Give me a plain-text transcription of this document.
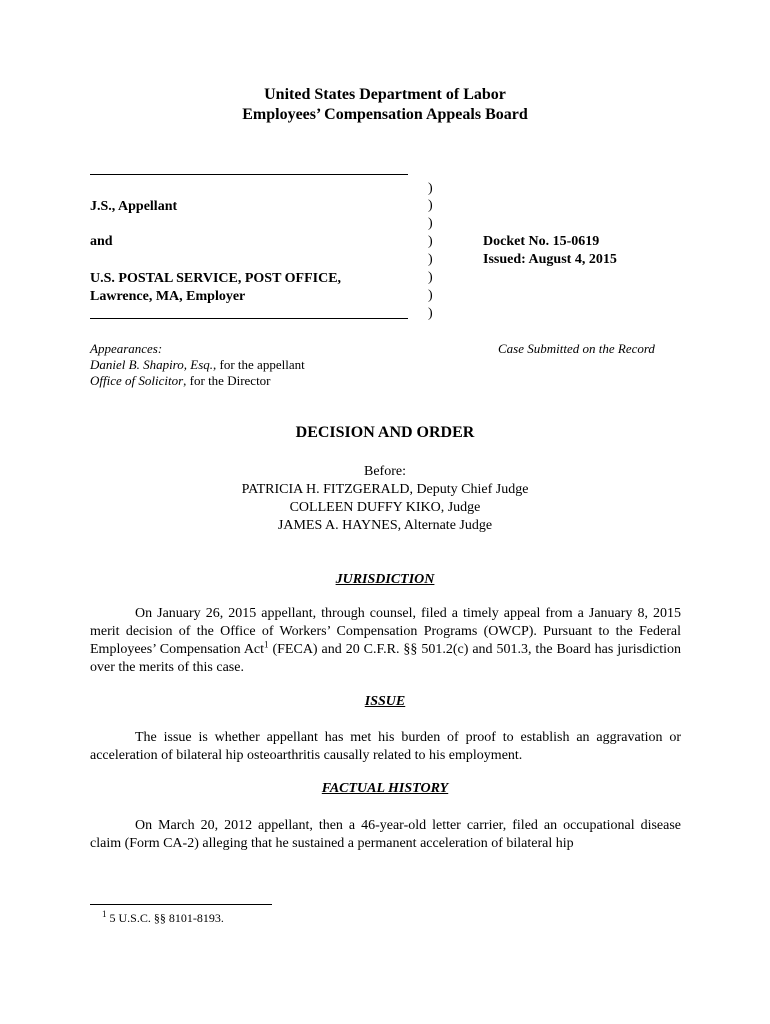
United States Department of Labor
Employees’ Compensation Appeals Board
J.S., Appellant
and
U.S. POSTAL SERVICE, POST OFFICE,
Lawrence, MA, Employer
)
)
)
)
)
)
)
)
Docket No. 15-0619
Issued: August 4, 2015
Appearances:
Daniel B. Shapiro, Esq., for the appellant
Office of Solicitor, for the Director
Case Submitted on the Record
DECISION AND ORDER
Before:
PATRICIA H. FITZGERALD, Deputy Chief Judge
COLLEEN DUFFY KIKO, Judge
JAMES A. HAYNES, Alternate Judge
JURISDICTION
On January 26, 2015 appellant, through counsel, filed a timely appeal from a January 8, 2015 merit decision of the Office of Workers’ Compensation Programs (OWCP). Pursuant to the Federal Employees’ Compensation Act$^1$ (FECA) and 20 C.F.R. §§ 501.2(c) and 501.3, the Board has jurisdiction over the merits of this case.
ISSUE
The issue is whether appellant has met his burden of proof to establish an aggravation or acceleration of bilateral hip osteoarthritis causally related to his employment.
FACTUAL HISTORY
On March 20, 2012 appellant, then a 46-year-old letter carrier, filed an occupational disease claim (Form CA-2) alleging that he sustained a permanent acceleration of bilateral hip
$^1$ 5 U.S.C. §§ 8101-8193.
